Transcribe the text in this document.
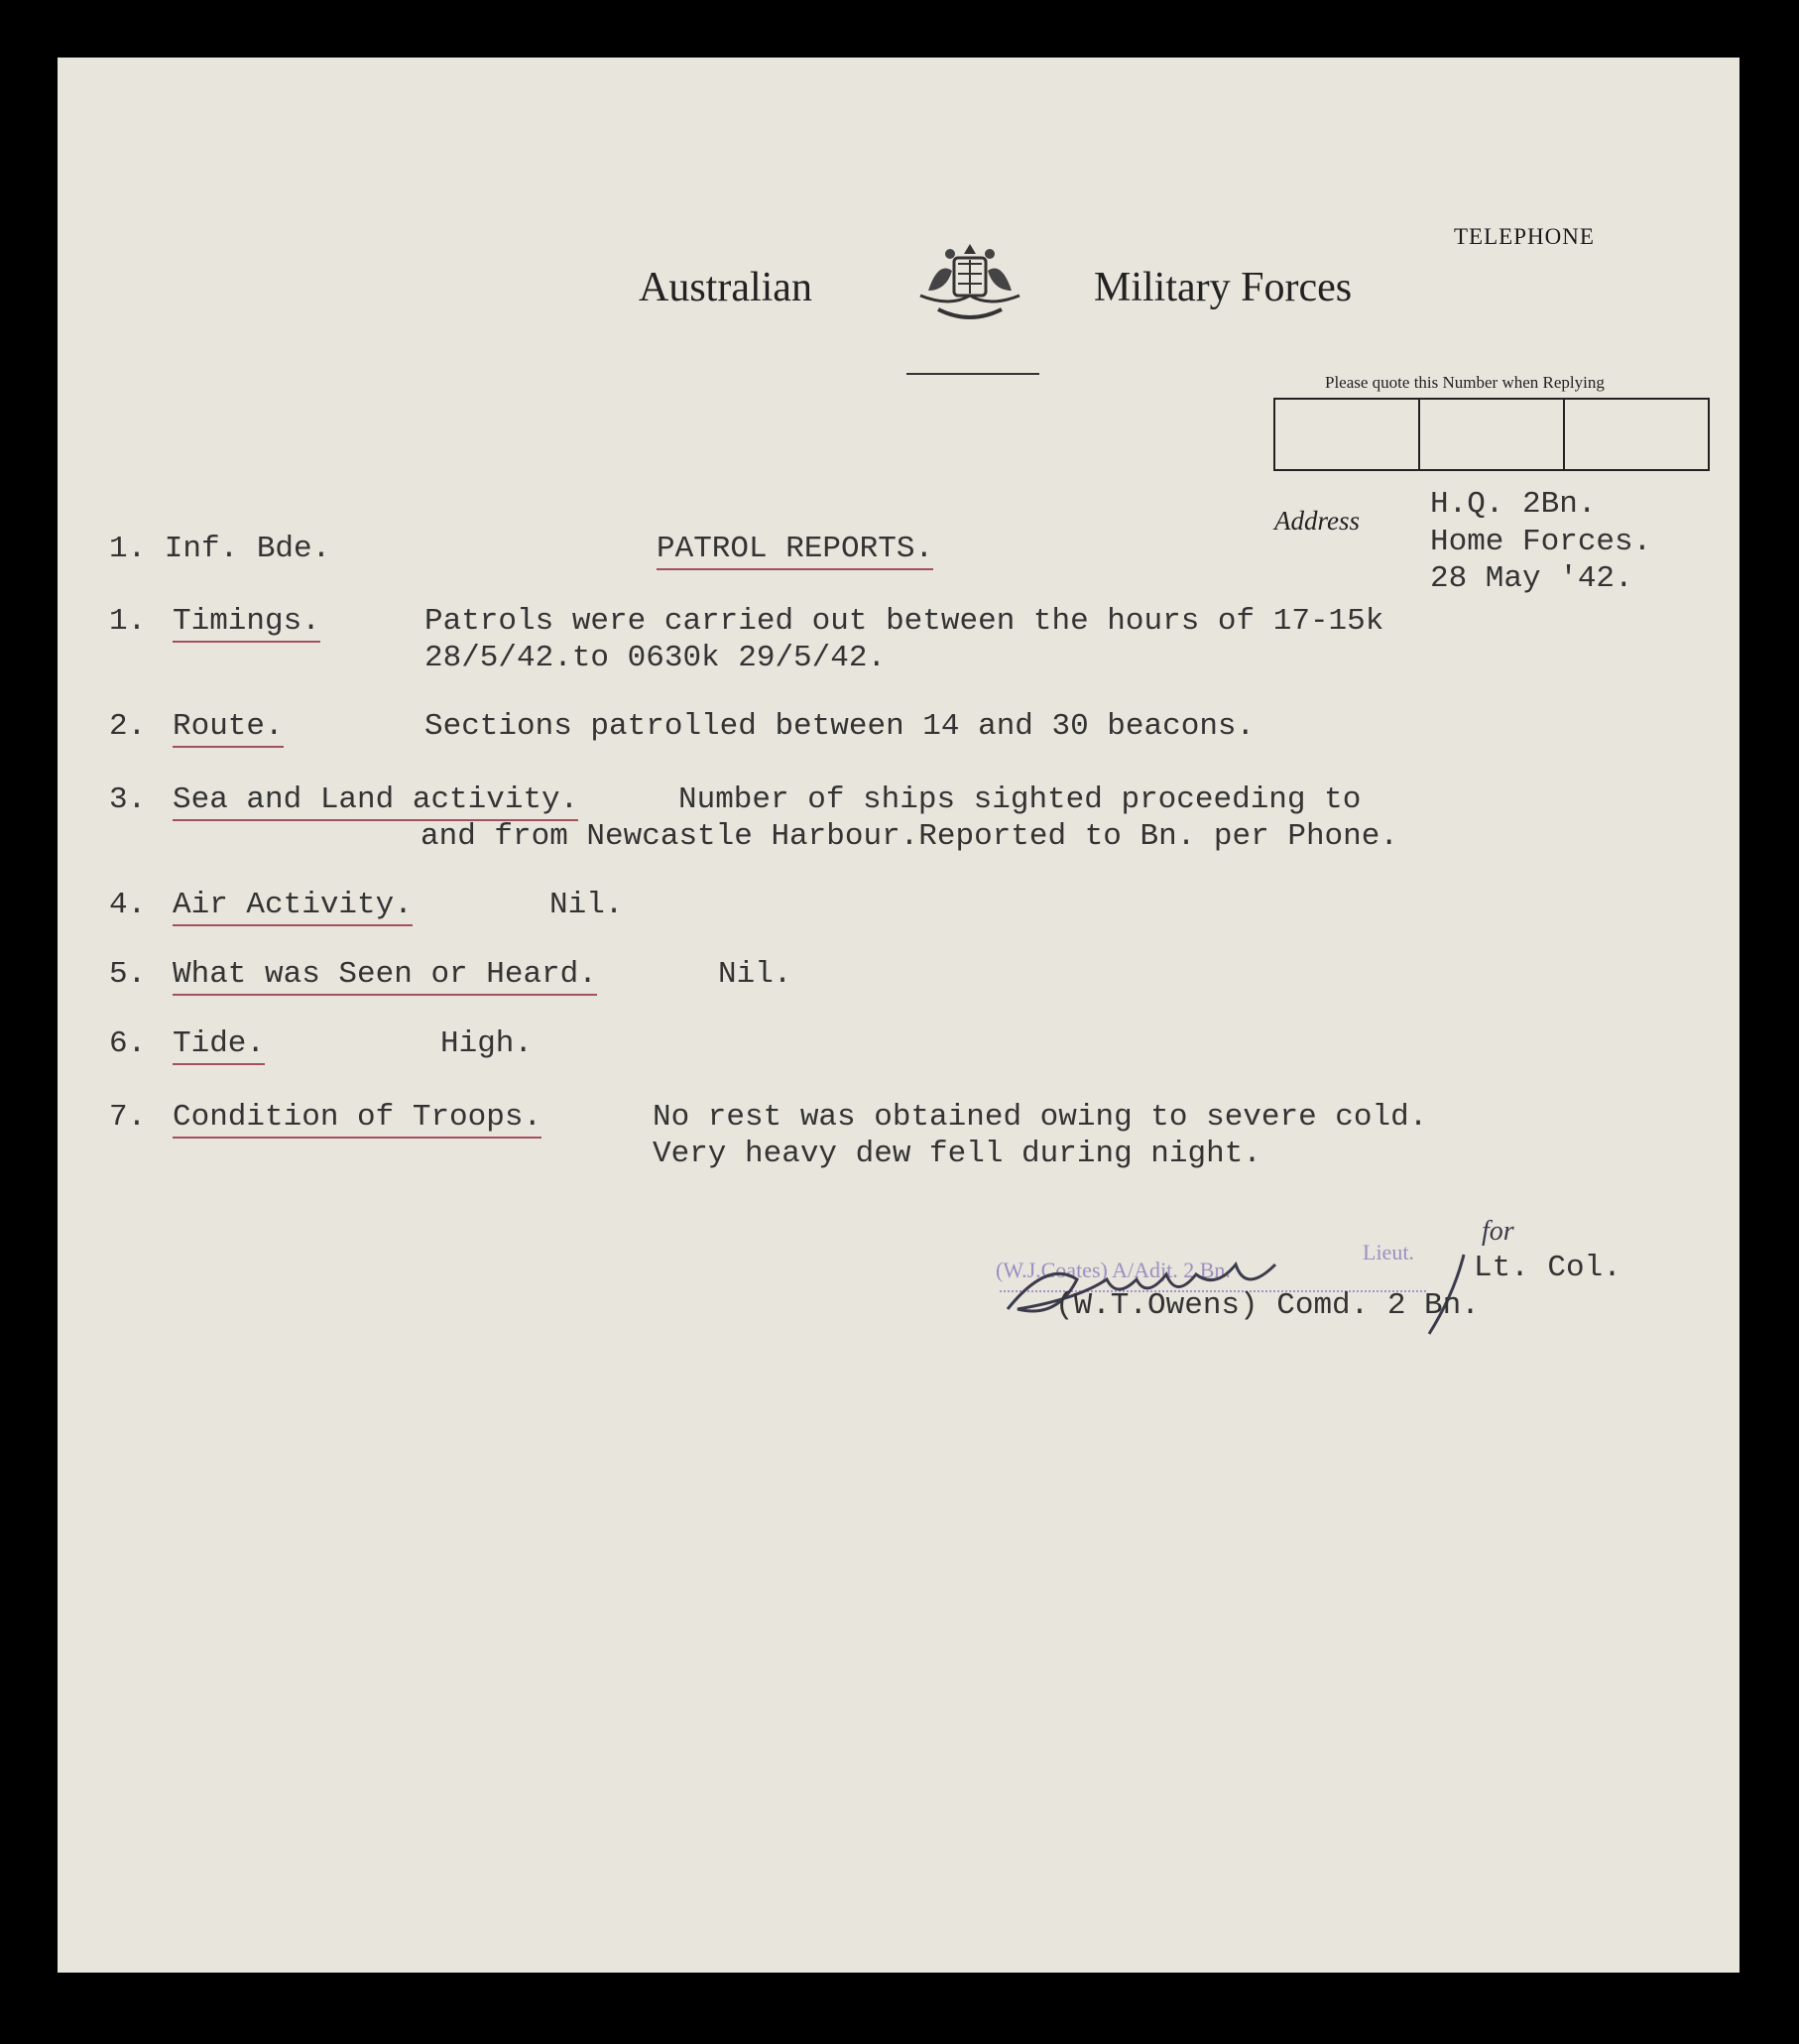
TELEPHONE
Australian	Military Forces
Please quote this Number when Replying
Address H.Q. 2Bn.
Home Forces.
28 May '42.
1. Inf. Bde.	PATROL REPORTS.
1. Timings.	Patrols were carried out between the hours of 17-15k
28/5/42.to 0630k 29/5/42.
2. Route.	Sections patrolled between 14 and 30 beacons.
3. Sea and Land activity.	Number of ships sighted proceeding to
and from Newcastle Harbour.Reported to Bn. per Phone.
4. Air Activity.	Nil.
5. What was Seen or Heard.	Nil.
6. Tide.	High.
7. Condition of Troops.	No rest was obtained owing to severe cold.
Very heavy dew fell during night.
Lieut.
(W.J.Coates) A/Adjt. 2 Bn.
for
Lt. Col.
(W.T.Owens) Comd. 2 Bn.
